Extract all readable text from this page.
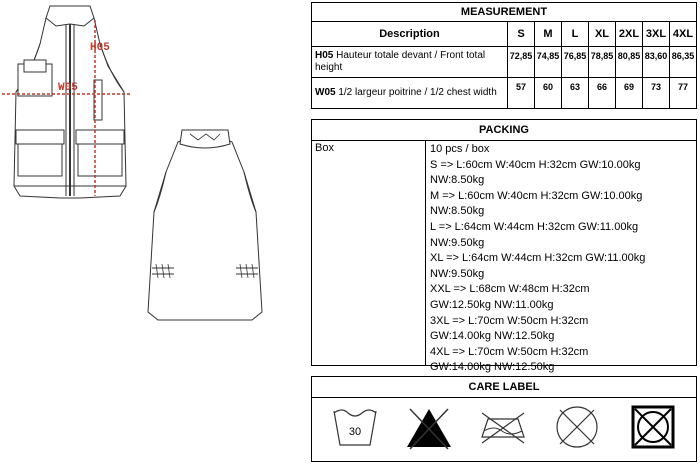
H05
W05
MEASUREMENT							
Description	S	M	L	XL	2XL	3XL	4XL
H05 Hauteur totale devant / Front total height	72,85	74,85	76,85	78,85	80,85	83,60	86,35
W05 1/2 largeur poitrine / 1/2 chest width	57	60	63	66	69	73	77
PACKING
Box	10 pcs / box
S => L:60cm W:40cm H:32cm GW:10.00kg
NW:8.50kg
M => L:60cm W:40cm H:32cm GW:10.00kg
NW:8.50kg
L => L:64cm W:44cm H:32cm GW:11.00kg
NW:9.50kg
XL => L:64cm W:44cm H:32cm GW:11.00kg
NW:9.50kg
XXL => L:68cm W:48cm H:32cm
GW:12.50kg NW:11.00kg
3XL => L:70cm W:50cm H:32cm
GW:14.00kg NW:12.50kg
4XL => L:70cm W:50cm H:32cm
GW:14.00kg NW:12.50kg
CARE LABEL
30
